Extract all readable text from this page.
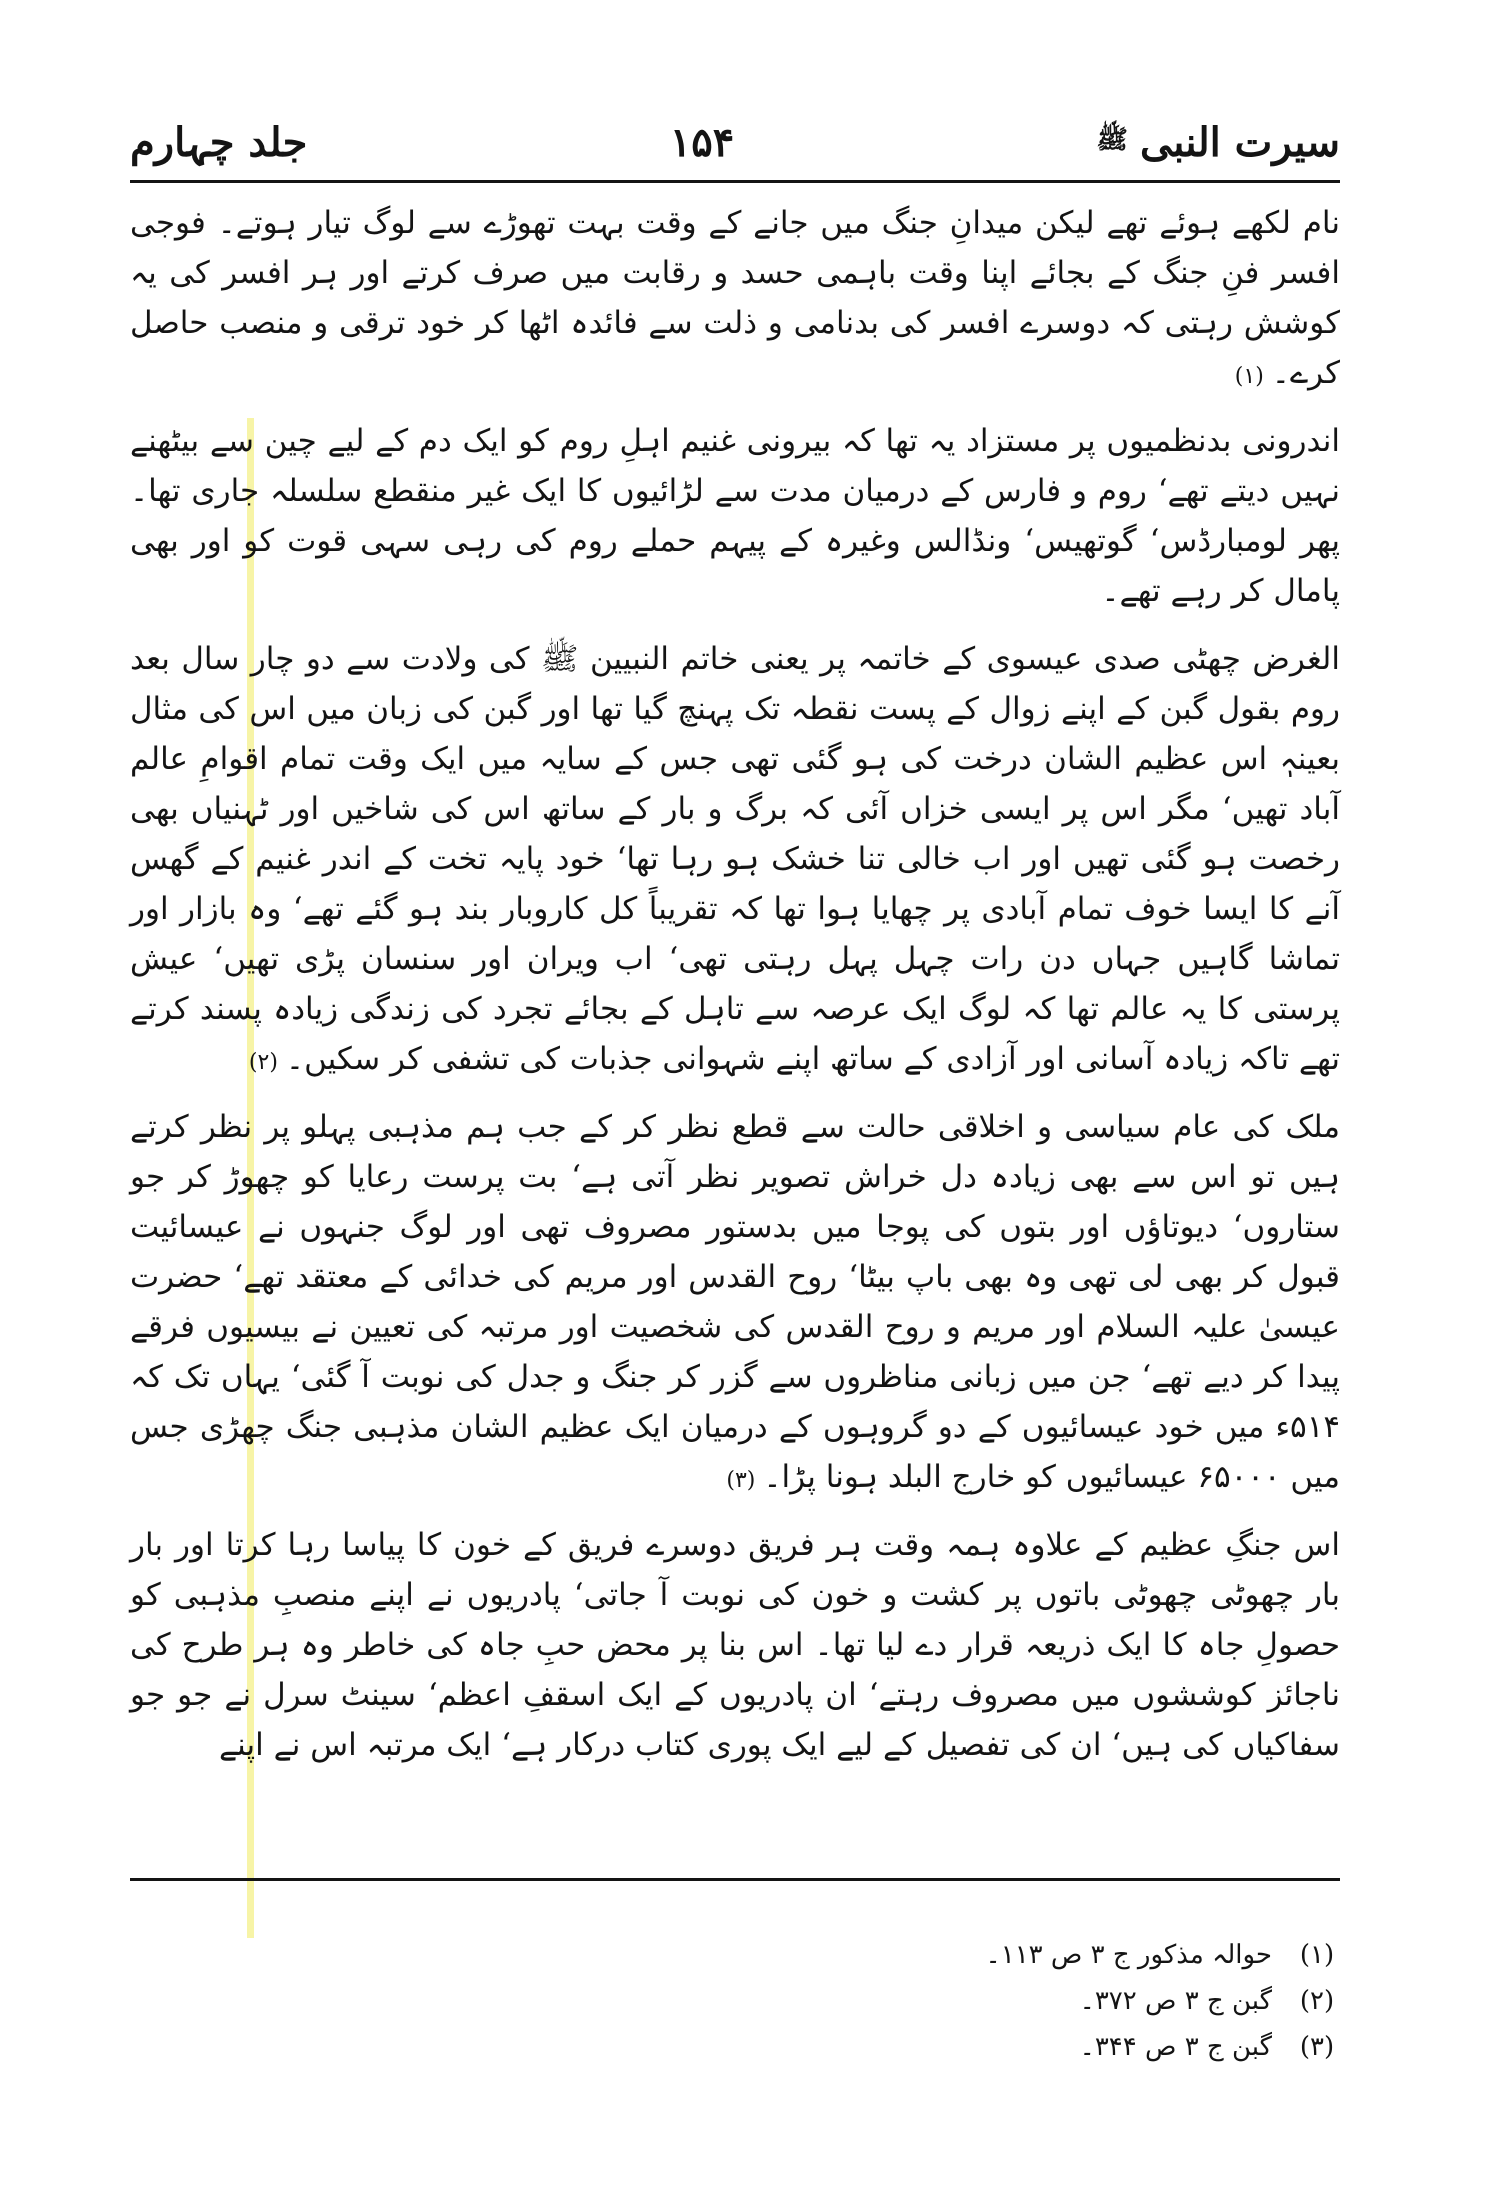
سیرت النبی
ﷺ
۱۵۴
جلد چہارم

نام لکھے ہوئے تھے لیکن میدانِ جنگ میں جانے کے وقت بہت تھوڑے سے لوگ تیار ہوتے۔ فوجی افسر فنِ جنگ کے بجائے اپنا وقت باہمی حسد و رقابت میں صرف کرتے اور ہر افسر کی یہ کوشش رہتی کہ دوسرے افسر کی بدنامی و ذلت سے فائدہ اٹھا کر خود ترقی و منصب حاصل کرے۔(۱)

اندرونی بدنظمیوں پر مستزاد یہ تھا کہ بیرونی غنیم اہلِ روم کو ایک دم کے لیے چین سے بیٹھنے نہیں دیتے تھے‘ روم و فارس کے درمیان مدت سے لڑائیوں کا ایک غیر منقطع سلسلہ جاری تھا۔ پھر لومبارڈس‘ گوتھیس‘ ونڈالس وغیرہ کے پیہم حملے روم کی رہی سہی قوت کو اور بھی پامال کر رہے تھے۔

الغرض چھٹی صدی عیسوی کے خاتمہ پر یعنی خاتم النبیین ﷺ کی ولادت سے دو چار سال بعد روم بقول گبن کے اپنے زوال کے پست نقطہ تک پہنچ گیا تھا اور گبن کی زبان میں اس کی مثال بعینہٖ اس عظیم الشان درخت کی ہو گئی تھی جس کے سایہ میں ایک وقت تمام اقوامِ عالم آباد تھیں‘ مگر اس پر ایسی خزاں آئی کہ برگ و بار کے ساتھ اس کی شاخیں اور ٹہنیاں بھی رخصت ہو گئی تھیں اور اب خالی تنا خشک ہو رہا تھا‘ خود پایہ تخت کے اندر غنیم کے گھس آنے کا ایسا خوف تمام آبادی پر چھایا ہوا تھا کہ تقریباً کل کاروبار بند ہو گئے تھے‘ وہ بازار اور تماشا گاہیں جہاں دن رات چہل پہل رہتی تھی‘ اب ویران اور سنسان پڑی تھیں‘ عیش پرستی کا یہ عالم تھا کہ لوگ ایک عرصہ سے تاہل کے بجائے تجرد کی زندگی زیادہ پسند کرتے تھے تاکہ زیادہ آسانی اور آزادی کے ساتھ اپنے شہوانی جذبات کی تشفی کر سکیں۔(۲)

ملک کی عام سیاسی و اخلاقی حالت سے قطع نظر کر کے جب ہم مذہبی پہلو پر نظر کرتے ہیں تو اس سے بھی زیادہ دل خراش تصویر نظر آتی ہے‘ بت پرست رعایا کو چھوڑ کر جو ستاروں‘ دیوتاؤں اور بتوں کی پوجا میں بدستور مصروف تھی اور لوگ جنہوں نے عیسائیت قبول کر بھی لی تھی وہ بھی باپ بیٹا‘ روح القدس اور مریم کی خدائی کے معتقد تھے‘ حضرت عیسیٰ علیہ السلام اور مریم و روح القدس کی شخصیت اور مرتبہ کی تعیین نے بیسیوں فرقے پیدا کر دیے تھے‘ جن میں زبانی مناظروں سے گزر کر جنگ و جدل کی نوبت آ گئی‘ یہاں تک کہ ۵۱۴ء میں خود عیسائیوں کے دو گروہوں کے درمیان ایک عظیم الشان مذہبی جنگ چھڑی جس میں ۶۵۰۰۰ عیسائیوں کو خارج البلد ہونا پڑا۔(۳)

اس جنگِ عظیم کے علاوہ ہمہ وقت ہر فریق دوسرے فریق کے خون کا پیاسا رہا کرتا اور بار بار چھوٹی چھوٹی باتوں پر کشت و خون کی نوبت آ جاتی‘ پادریوں نے اپنے منصبِ مذہبی کو حصولِ جاہ کا ایک ذریعہ قرار دے لیا تھا۔ اس بنا پر محض حبِ جاہ کی خاطر وہ ہر طرح کی ناجائز کوششوں میں مصروف رہتے‘ ان پادریوں کے ایک اسقفِ اعظم‘ سینٹ سرل نے جو جو سفاکیاں کی ہیں‘ ان کی تفصیل کے لیے ایک پوری کتاب درکار ہے‘ ایک مرتبہ اس نے اپنے

(۱)
حوالہ مذکور ج ۳ ص ۱۱۳۔
(۲)
گبن ج ۳ ص ۳۷۲۔
(۳)
گبن ج ۳ ص ۳۴۴۔
